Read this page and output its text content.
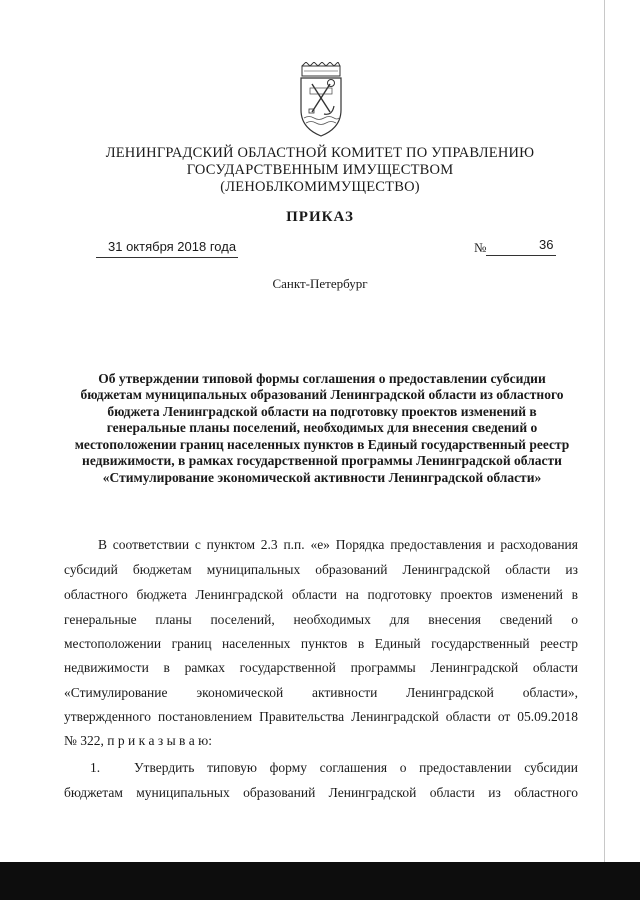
ЛЕНИНГРАДСКИЙ ОБЛАСТНОЙ КОМИТЕТ ПО УПРАВЛЕНИЮ
ГОСУДАРСТВЕННЫМ ИМУЩЕСТВОМ
(ЛЕНОБЛКОМИМУЩЕСТВО)
ПРИКАЗ
31 октября 2018 года	№	36
Санкт-Петербург
Об утверждении типовой формы соглашения о предоставлении субсидии
бюджетам муниципальных образований Ленинградской области из областного
бюджета Ленинградской области на подготовку проектов изменений в
генеральные планы поселений, необходимых для внесения сведений о
местоположении границ населенных пунктов в Единый государственный реестр
недвижимости, в рамках государственной программы Ленинградской области
«Стимулирование экономической активности Ленинградской области»
В соответствии с пунктом 2.3 п.п. «е» Порядка предоставления и расходования
субсидий бюджетам муниципальных образований Ленинградской области из
областного бюджета Ленинградской области на подготовку проектов изменений в
генеральные планы поселений, необходимых для внесения сведений о
местоположении границ населенных пунктов в Единый государственный реестр
недвижимости в рамках государственной программы Ленинградской области
«Стимулирование экономической активности Ленинградской области»,
утвержденного постановлением Правительства Ленинградской области от 05.09.2018
№ 322, п р и к а з ы в а ю:
1.	Утвердить типовую форму соглашения о предоставлении субсидии
бюджетам муниципальных образований Ленинградской области из областного
